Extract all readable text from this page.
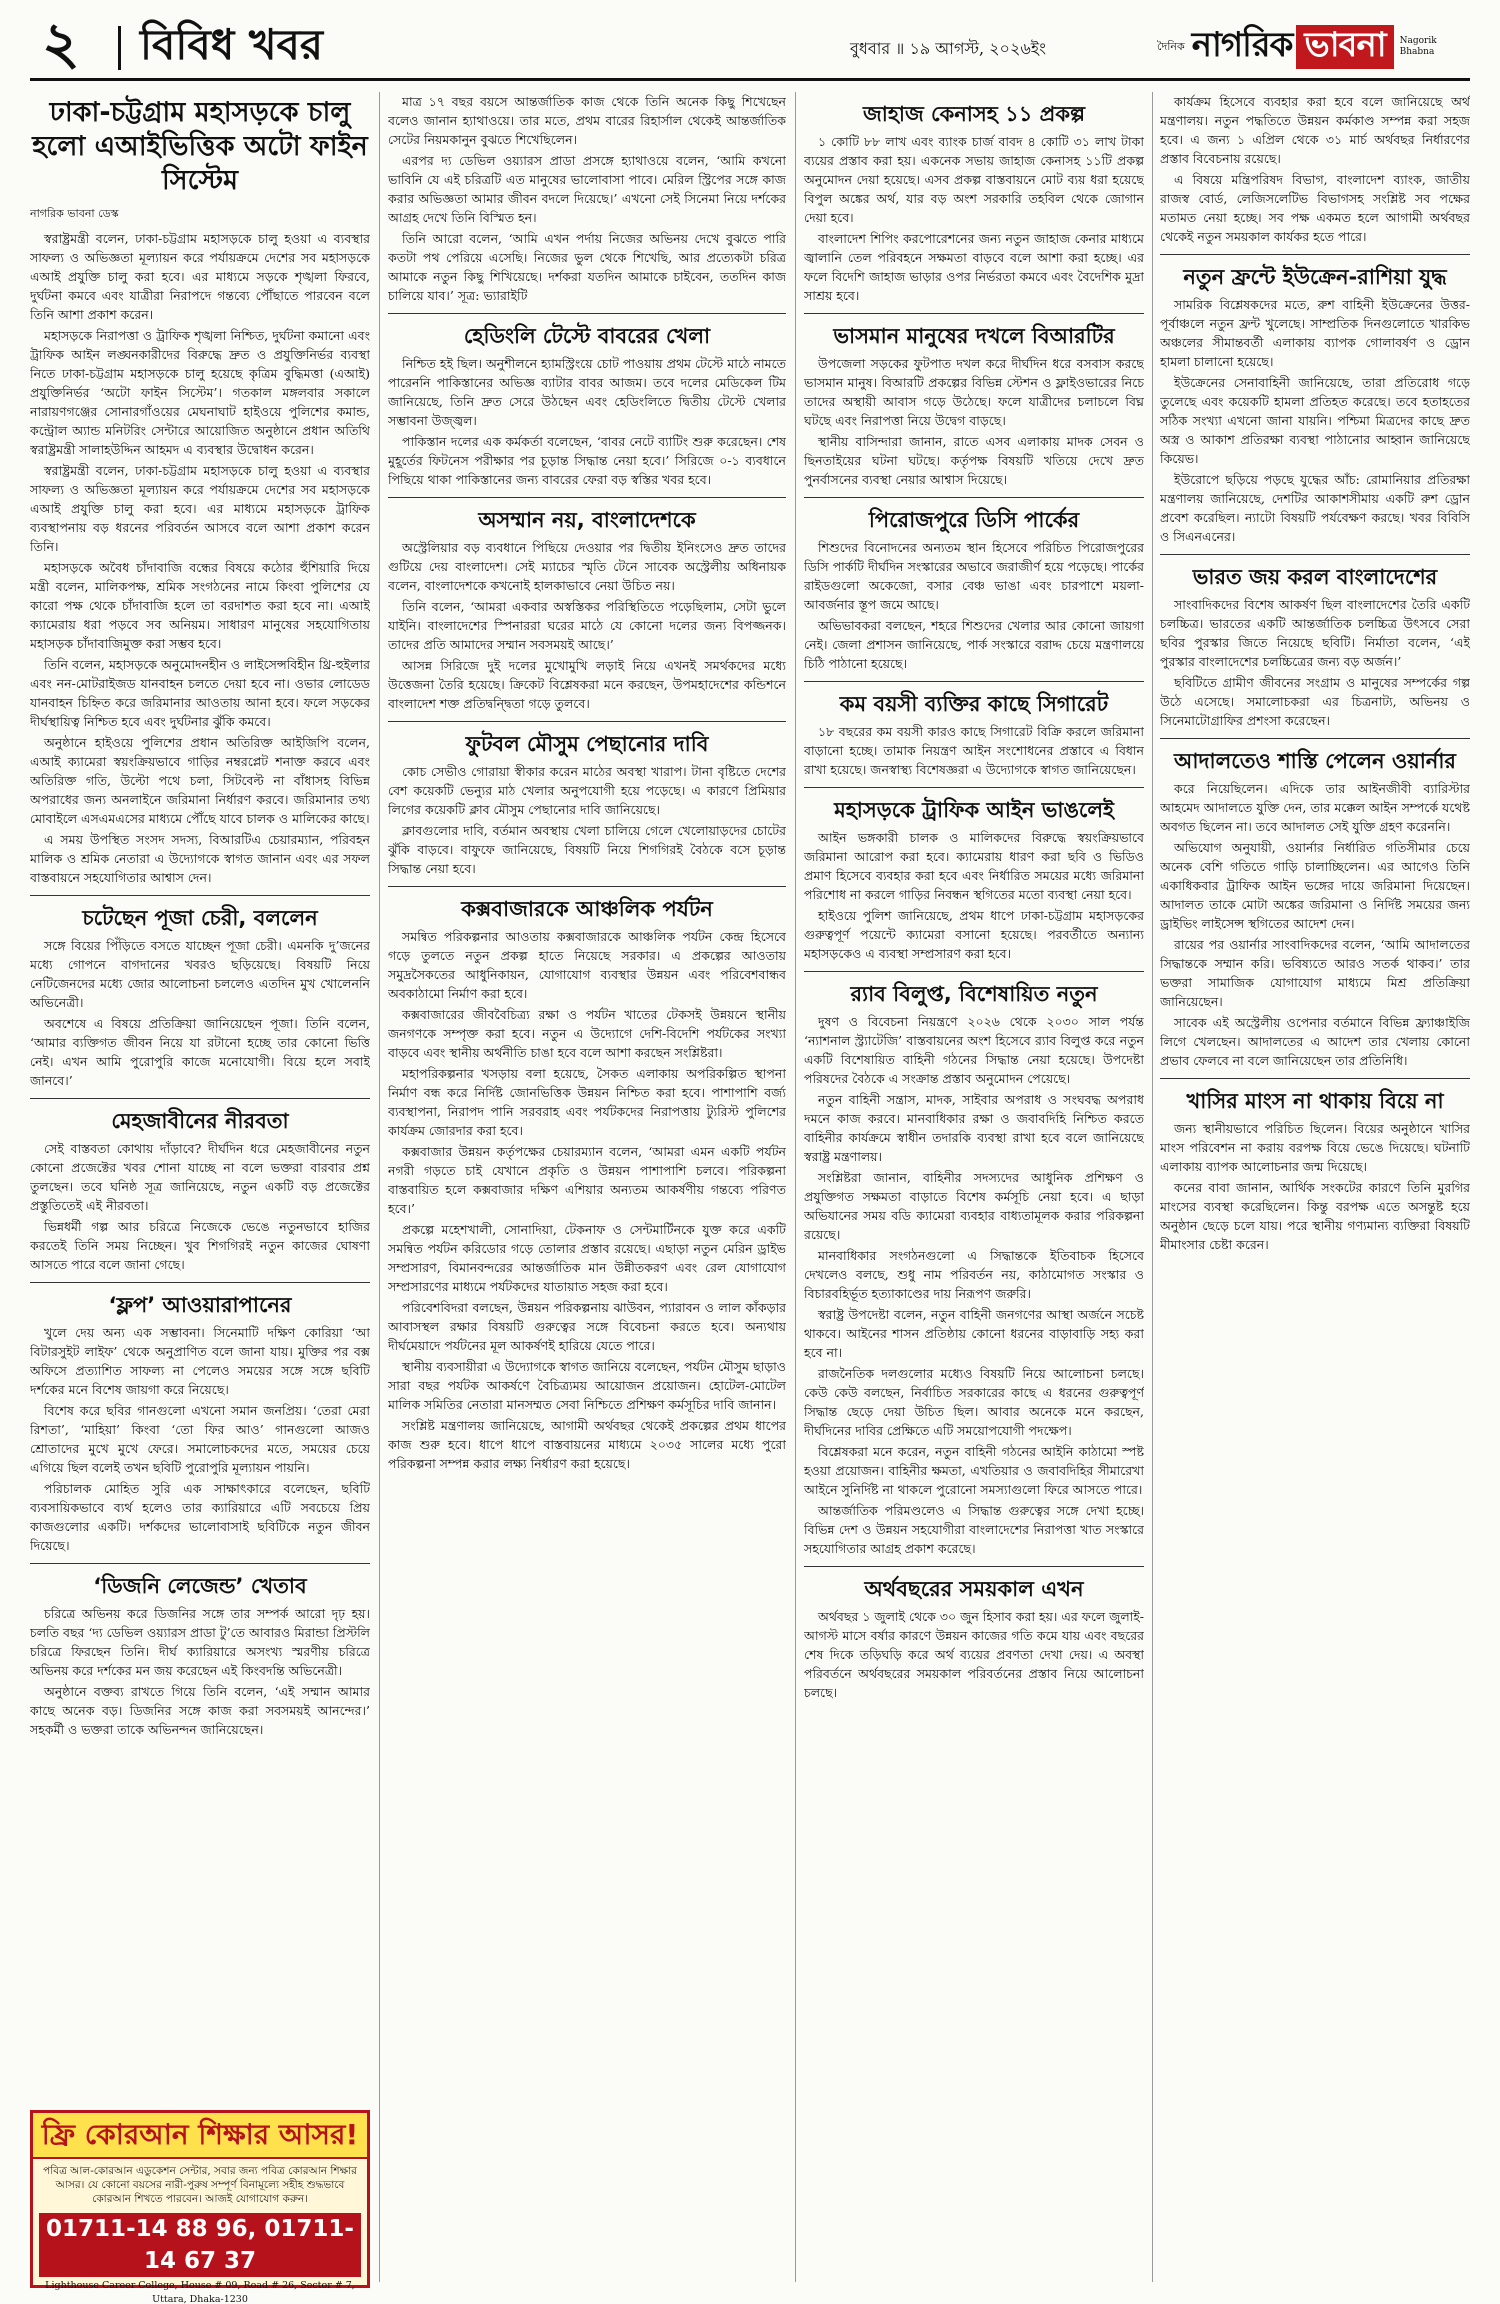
২ বিবিধ খবর	বুধবার ॥ ১৯ আগস্ট, ২০২৬ইং	দৈনিক নাগরিক ভাবনা	Nagorik Bhabna
ঢাকা-চট্টগ্রাম মহাসড়কে চালু হলো এআইভিত্তিক অটো ফাইন সিস্টেম
নাগরিক ভাবনা ডেস্ক

স্বরাষ্ট্রমন্ত্রী বলেন, ঢাকা-চট্টগ্রাম মহাসড়কে চালু হওয়া এ ব্যবস্থার সাফল্য ও অভিজ্ঞতা মূল্যায়ন করে পর্যায়ক্রমে দেশের সব মহাসড়কে এআই প্রযুক্তি চালু করা হবে। এর মাধ্যমে সড়কে শৃঙ্খলা ফিরবে, দুর্ঘটনা কমবে এবং যাত্রীরা নিরাপদে গন্তব্যে পৌঁছাতে পারবেন বলে তিনি আশা প্রকাশ করেন।

মহাসড়কে নিরাপত্তা ও ট্রাফিক শৃঙ্খলা নিশ্চিত, দুর্ঘটনা কমানো এবং ট্রাফিক আইন লঙ্ঘনকারীদের বিরুদ্ধে দ্রুত ও প্রযুক্তিনির্ভর ব্যবস্থা নিতে ঢাকা-চট্টগ্রাম মহাসড়কে চালু হয়েছে কৃত্রিম বুদ্ধিমত্তা (এআই) প্রযুক্তিনির্ভর ‘অটো ফাইন সিস্টেম’। গতকাল মঙ্গলবার সকালে নারায়ণগঞ্জের সোনারগাঁওয়ের মেঘনাঘাট হাইওয়ে পুলিশের কমান্ড, কন্ট্রোল অ্যান্ড মনিটরিং সেন্টারে আয়োজিত অনুষ্ঠানে প্রধান অতিথি স্বরাষ্ট্রমন্ত্রী সালাহউদ্দিন আহমদ এ ব্যবস্থার উদ্বোধন করেন।

স্বরাষ্ট্রমন্ত্রী বলেন, ঢাকা-চট্টগ্রাম মহাসড়কে চালু হওয়া এ ব্যবস্থার সাফল্য ও অভিজ্ঞতা মূল্যায়ন করে পর্যায়ক্রমে দেশের সব মহাসড়কে এআই প্রযুক্তি চালু করা হবে। এর মাধ্যমে মহাসড়কে ট্রাফিক ব্যবস্থাপনায় বড় ধরনের পরিবর্তন আসবে বলে আশা প্রকাশ করেন তিনি।

মহাসড়কে অবৈধ চাঁদাবাজি বন্ধের বিষয়ে কঠোর হুঁশিয়ারি দিয়ে মন্ত্রী বলেন, মালিকপক্ষ, শ্রমিক সংগঠনের নামে কিংবা পুলিশের যে কারো পক্ষ থেকে চাঁদাবাজি হলে তা বরদাশত করা হবে না। এআই ক্যামেরায় ধরা পড়বে সব অনিয়ম। সাধারণ মানুষের সহযোগিতায় মহাসড়ক চাঁদাবাজিমুক্ত করা সম্ভব হবে।

তিনি বলেন, মহাসড়কে অনুমোদনহীন ও লাইসেন্সবিহীন থ্রি-হুইলার এবং নন-মোটরাইজড যানবাহন চলতে দেয়া হবে না। ওভার লোডেড যানবাহন চিহ্নিত করে জরিমানার আওতায় আনা হবে। ফলে সড়কের দীর্ঘস্থায়িত্ব নিশ্চিত হবে এবং দুর্ঘটনার ঝুঁকি কমবে।

অনুষ্ঠানে হাইওয়ে পুলিশের প্রধান অতিরিক্ত আইজিপি বলেন, এআই ক্যামেরা স্বয়ংক্রিয়ভাবে গাড়ির নম্বরপ্লেট শনাক্ত করবে এবং অতিরিক্ত গতি, উল্টো পথে চলা, সিটবেল্ট না বাঁধাসহ বিভিন্ন অপরাধের জন্য অনলাইনে জরিমানা নির্ধারণ করবে। জরিমানার তথ্য মোবাইলে এসএমএসের মাধ্যমে পৌঁছে যাবে চালক ও মালিকের কাছে।

এ সময় উপস্থিত সংসদ সদস্য, বিআরটিএ চেয়ারম্যান, পরিবহন মালিক ও শ্রমিক নেতারা এ উদ্যোগকে স্বাগত জানান এবং এর সফল বাস্তবায়নে সহযোগিতার আশ্বাস দেন।

চটেছেন পূজা চেরী, বললেন

সঙ্গে বিয়ের পিঁড়িতে বসতে যাচ্ছেন পূজা চেরী। এমনকি দু’জনের মধ্যে গোপনে বাগদানের খবরও ছড়িয়েছে। বিষয়টি নিয়ে নেটিজেনদের মধ্যে জোর আলোচনা চললেও এতদিন মুখ খোলেননি অভিনেত্রী।

অবশেষে এ বিষয়ে প্রতিক্রিয়া জানিয়েছেন পূজা। তিনি বলেন, ‘আমার ব্যক্তিগত জীবন নিয়ে যা রটানো হচ্ছে তার কোনো ভিত্তি নেই। এখন আমি পুরোপুরি কাজে মনোযোগী। বিয়ে হলে সবাই জানবে।’

মেহজাবীনের নীরবতা

সেই বাস্তবতা কোথায় দাঁড়াবে? দীর্ঘদিন ধরে মেহজাবীনের নতুন কোনো প্রজেক্টের খবর শোনা যাচ্ছে না বলে ভক্তরা বারবার প্রশ্ন তুলছেন। তবে ঘনিষ্ঠ সূত্র জানিয়েছে, নতুন একটি বড় প্রজেক্টের প্রস্তুতিতেই এই নীরবতা।

ভিন্নধর্মী গল্প আর চরিত্রে নিজেকে ভেঙে নতুনভাবে হাজির করতেই তিনি সময় নিচ্ছেন। খুব শিগগিরই নতুন কাজের ঘোষণা আসতে পারে বলে জানা গেছে।

‘ফ্লপ’ আওয়ারাপানের

খুলে দেয় অন্য এক সম্ভাবনা। সিনেমাটি দক্ষিণ কোরিয়া ‘আ বিটারসুইট লাইফ’ থেকে অনুপ্রাণিত বলে জানা যায়। মুক্তির পর বক্স অফিসে প্রত্যাশিত সাফল্য না পেলেও সময়ের সঙ্গে সঙ্গে ছবিটি দর্শকের মনে বিশেষ জায়গা করে নিয়েছে।

বিশেষ করে ছবির গানগুলো এখনো সমান জনপ্রিয়। ‘তেরা মেরা রিশতা’, ‘মাহিয়া’ কিংবা ‘তো ফির আও’ গানগুলো আজও শ্রোতাদের মুখে মুখে ফেরে। সমালোচকদের মতে, সময়ের চেয়ে এগিয়ে ছিল বলেই তখন ছবিটি পুরোপুরি মূল্যায়ন পায়নি।

পরিচালক মোহিত সুরি এক সাক্ষাৎকারে বলেছেন, ছবিটি ব্যবসায়িকভাবে ব্যর্থ হলেও তার ক্যারিয়ারে এটি সবচেয়ে প্রিয় কাজগুলোর একটি। দর্শকদের ভালোবাসাই ছবিটিকে নতুন জীবন দিয়েছে।

‘ডিজনি লেজেন্ড’ খেতাব

চরিত্রে অভিনয় করে ডিজনির সঙ্গে তার সম্পর্ক আরো দৃঢ় হয়। চলতি বছর ‘দ্য ডেভিল ওয়্যারস প্রাডা টু’তে আবারও মিরান্ডা প্রিস্টলি চরিত্রে ফিরছেন তিনি। দীর্ঘ ক্যারিয়ারে অসংখ্য স্মরণীয় চরিত্রে অভিনয় করে দর্শকের মন জয় করেছেন এই কিংবদন্তি অভিনেত্রী।

অনুষ্ঠানে বক্তব্য রাখতে গিয়ে তিনি বলেন, ‘এই সম্মান আমার কাছে অনেক বড়। ডিজনির সঙ্গে কাজ করা সবসময়ই আনন্দের।’ সহকর্মী ও ভক্তরা তাকে অভিনন্দন জানিয়েছেন।

ফ্রি কোরআন শিক্ষার আসর!
পবিত্র আল-কোরআন এডুকেশন সেন্টার, সবার জন্য পবিত্র কোরআন শিক্ষার আসর। যে কোনো বয়সের নারী-পুরুষ সম্পূর্ণ বিনামূল্যে সহীহ শুদ্ধভাবে কোরআন শিখতে পারবেন। আজই যোগাযোগ করুন।
01711-14 88 96, 01711-14 67 37
Lighthouse Career College, House # 09, Road # 26, Sector # 7, Uttara, Dhaka-1230

মাত্র ১৭ বছর বয়সে আন্তর্জাতিক কাজ থেকে তিনি অনেক কিছু শিখেছেন বলেও জানান হ্যাথাওয়ে। তার মতে, প্রথম বারের রিহার্সাল থেকেই আন্তর্জাতিক সেটের নিয়মকানুন বুঝতে শিখেছিলেন।

এরপর দ্য ডেভিল ওয়্যারস প্রাডা প্রসঙ্গে হ্যাথাওয়ে বলেন, ‘আমি কখনো ভাবিনি যে এই চরিত্রটি এত মানুষের ভালোবাসা পাবে। মেরিল স্ট্রিপের সঙ্গে কাজ করার অভিজ্ঞতা আমার জীবন বদলে দিয়েছে।’ এখনো সেই সিনেমা নিয়ে দর্শকের আগ্রহ দেখে তিনি বিস্মিত হন।

তিনি আরো বলেন, ‘আমি এখন পর্দায় নিজের অভিনয় দেখে বুঝতে পারি কতটা পথ পেরিয়ে এসেছি। নিজের ভুল থেকে শিখেছি, আর প্রত্যেকটা চরিত্র আমাকে নতুন কিছু শিখিয়েছে। দর্শকরা যতদিন আমাকে চাইবেন, ততদিন কাজ চালিয়ে যাব।’ সূত্র: ভ্যারাইটি

হেডিংলি টেস্টে বাবরের খেলা

নিশ্চিত হই ছিল। অনুশীলনে হ্যামস্ট্রিংয়ে চোট পাওয়ায় প্রথম টেস্টে মাঠে নামতে পারেননি পাকিস্তানের অভিজ্ঞ ব্যাটার বাবর আজম। তবে দলের মেডিকেল টিম জানিয়েছে, তিনি দ্রুত সেরে উঠছেন এবং হেডিংলিতে দ্বিতীয় টেস্টে খেলার সম্ভাবনা উজ্জ্বল।

পাকিস্তান দলের এক কর্মকর্তা বলেছেন, ‘বাবর নেটে ব্যাটিং শুরু করেছেন। শেষ মুহূর্তের ফিটনেস পরীক্ষার পর চূড়ান্ত সিদ্ধান্ত নেয়া হবে।’ সিরিজে ০-১ ব্যবধানে পিছিয়ে থাকা পাকিস্তানের জন্য বাবরের ফেরা বড় স্বস্তির খবর হবে।

অসম্মান নয়, বাংলাদেশকে

অস্ট্রেলিয়ার বড় ব্যবধানে পিছিয়ে দেওয়ার পর দ্বিতীয় ইনিংসেও দ্রুত তাদের গুটিয়ে দেয় বাংলাদেশ। সেই ম্যাচের স্মৃতি টেনে সাবেক অস্ট্রেলীয় অধিনায়ক বলেন, বাংলাদেশকে কখনোই হালকাভাবে নেয়া উচিত নয়।

তিনি বলেন, ‘আমরা একবার অস্বস্তিকর পরিস্থিতিতে পড়েছিলাম, সেটা ভুলে যাইনি। বাংলাদেশের স্পিনাররা ঘরের মাঠে যে কোনো দলের জন্য বিপজ্জনক। তাদের প্রতি আমাদের সম্মান সবসময়ই আছে।’

আসন্ন সিরিজে দুই দলের মুখোমুখি লড়াই নিয়ে এখনই সমর্থকদের মধ্যে উত্তেজনা তৈরি হয়েছে। ক্রিকেট বিশ্লেষকরা মনে করছেন, উপমহাদেশের কন্ডিশনে বাংলাদেশ শক্ত প্রতিদ্বন্দ্বিতা গড়ে তুলবে।

ফুটবল মৌসুম পেছানোর দাবি

কোচ সেভীও গোরায়া স্বীকার করেন মাঠের অবস্থা খারাপ। টানা বৃষ্টিতে দেশের বেশ কয়েকটি ভেন্যুর মাঠ খেলার অনুপযোগী হয়ে পড়েছে। এ কারণে প্রিমিয়ার লিগের কয়েকটি ক্লাব মৌসুম পেছানোর দাবি জানিয়েছে।

ক্লাবগুলোর দাবি, বর্তমান অবস্থায় খেলা চালিয়ে গেলে খেলোয়াড়দের চোটের ঝুঁকি বাড়বে। বাফুফে জানিয়েছে, বিষয়টি নিয়ে শিগগিরই বৈঠকে বসে চূড়ান্ত সিদ্ধান্ত নেয়া হবে।

কক্সবাজারকে আঞ্চলিক পর্যটন

সমন্বিত পরিকল্পনার আওতায় কক্সবাজারকে আঞ্চলিক পর্যটন কেন্দ্র হিসেবে গড়ে তুলতে নতুন প্রকল্প হাতে নিয়েছে সরকার। এ প্রকল্পের আওতায় সমুদ্রসৈকতের আধুনিকায়ন, যোগাযোগ ব্যবস্থার উন্নয়ন এবং পরিবেশবান্ধব অবকাঠামো নির্মাণ করা হবে।

কক্সবাজারের জীববৈচিত্র্য রক্ষা ও পর্যটন খাতের টেকসই উন্নয়নে স্থানীয় জনগণকে সম্পৃক্ত করা হবে। নতুন এ উদ্যোগে দেশি-বিদেশি পর্যটকের সংখ্যা বাড়বে এবং স্থানীয় অর্থনীতি চাঙা হবে বলে আশা করছেন সংশ্লিষ্টরা।

মহাপরিকল্পনার খসড়ায় বলা হয়েছে, সৈকত এলাকায় অপরিকল্পিত স্থাপনা নির্মাণ বন্ধ করে নির্দিষ্ট জোনভিত্তিক উন্নয়ন নিশ্চিত করা হবে। পাশাপাশি বর্জ্য ব্যবস্থাপনা, নিরাপদ পানি সরবরাহ এবং পর্যটকদের নিরাপত্তায় ট্যুরিস্ট পুলিশের কার্যক্রম জোরদার করা হবে।

কক্সবাজার উন্নয়ন কর্তৃপক্ষের চেয়ারম্যান বলেন, ‘আমরা এমন একটি পর্যটন নগরী গড়তে চাই যেখানে প্রকৃতি ও উন্নয়ন পাশাপাশি চলবে। পরিকল্পনা বাস্তবায়িত হলে কক্সবাজার দক্ষিণ এশিয়ার অন্যতম আকর্ষণীয় গন্তব্যে পরিণত হবে।’

প্রকল্পে মহেশখালী, সোনাদিয়া, টেকনাফ ও সেন্টমার্টিনকে যুক্ত করে একটি সমন্বিত পর্যটন করিডোর গড়ে তোলার প্রস্তাব রয়েছে। এছাড়া নতুন মেরিন ড্রাইভ সম্প্রসারণ, বিমানবন্দরের আন্তর্জাতিক মান উন্নীতকরণ এবং রেল যোগাযোগ সম্প্রসারণের মাধ্যমে পর্যটকদের যাতায়াত সহজ করা হবে।

পরিবেশবিদরা বলছেন, উন্নয়ন পরিকল্পনায় ঝাউবন, প্যারাবন ও লাল কাঁকড়ার আবাসস্থল রক্ষার বিষয়টি গুরুত্বের সঙ্গে বিবেচনা করতে হবে। অন্যথায় দীর্ঘমেয়াদে পর্যটনের মূল আকর্ষণই হারিয়ে যেতে পারে।

স্থানীয় ব্যবসায়ীরা এ উদ্যোগকে স্বাগত জানিয়ে বলেছেন, পর্যটন মৌসুম ছাড়াও সারা বছর পর্যটক আকর্ষণে বৈচিত্র্যময় আয়োজন প্রয়োজন। হোটেল-মোটেল মালিক সমিতির নেতারা মানসম্মত সেবা নিশ্চিতে প্রশিক্ষণ কর্মসূচির দাবি জানান।

সংশ্লিষ্ট মন্ত্রণালয় জানিয়েছে, আগামী অর্থবছর থেকেই প্রকল্পের প্রথম ধাপের কাজ শুরু হবে। ধাপে ধাপে বাস্তবায়নের মাধ্যমে ২০৩৫ সালের মধ্যে পুরো পরিকল্পনা সম্পন্ন করার লক্ষ্য নির্ধারণ করা হয়েছে।

জাহাজ কেনাসহ ১১ প্রকল্প

১ কোটি ৮৮ লাখ এবং ব্যাংক চার্জ বাবদ ৪ কোটি ৩১ লাখ টাকা ব্যয়ের প্রস্তাব করা হয়। একনেক সভায় জাহাজ কেনাসহ ১১টি প্রকল্প অনুমোদন দেয়া হয়েছে। এসব প্রকল্প বাস্তবায়নে মোট ব্যয় ধরা হয়েছে বিপুল অঙ্কের অর্থ, যার বড় অংশ সরকারি তহবিল থেকে জোগান দেয়া হবে।

বাংলাদেশ শিপিং করপোরেশনের জন্য নতুন জাহাজ কেনার মাধ্যমে জ্বালানি তেল পরিবহনে সক্ষমতা বাড়বে বলে আশা করা হচ্ছে। এর ফলে বিদেশি জাহাজ ভাড়ার ওপর নির্ভরতা কমবে এবং বৈদেশিক মুদ্রা সাশ্রয় হবে।

ভাসমান মানুষের দখলে বিআরটির

উপজেলা সড়কের ফুটপাত দখল করে দীর্ঘদিন ধরে বসবাস করছে ভাসমান মানুষ। বিআরটি প্রকল্পের বিভিন্ন স্টেশন ও ফ্লাইওভারের নিচে তাদের অস্থায়ী আবাস গড়ে উঠেছে। ফলে যাত্রীদের চলাচলে বিঘ্ন ঘটছে এবং নিরাপত্তা নিয়ে উদ্বেগ বাড়ছে।

স্থানীয় বাসিন্দারা জানান, রাতে এসব এলাকায় মাদক সেবন ও ছিনতাইয়ের ঘটনা ঘটছে। কর্তৃপক্ষ বিষয়টি খতিয়ে দেখে দ্রুত পুনর্বাসনের ব্যবস্থা নেয়ার আশ্বাস দিয়েছে।

পিরোজপুরে ডিসি পার্কের

শিশুদের বিনোদনের অন্যতম স্থান হিসেবে পরিচিত পিরোজপুরের ডিসি পার্কটি দীর্ঘদিন সংস্কারের অভাবে জরাজীর্ণ হয়ে পড়েছে। পার্কের রাইডগুলো অকেজো, বসার বেঞ্চ ভাঙা এবং চারপাশে ময়লা-আবর্জনার স্তূপ জমে আছে।

অভিভাবকরা বলছেন, শহরে শিশুদের খেলার আর কোনো জায়গা নেই। জেলা প্রশাসন জানিয়েছে, পার্ক সংস্কারে বরাদ্দ চেয়ে মন্ত্রণালয়ে চিঠি পাঠানো হয়েছে।

কম বয়সী ব্যক্তির কাছে সিগারেট

১৮ বছরের কম বয়সী কারও কাছে সিগারেট বিক্রি করলে জরিমানা বাড়ানো হচ্ছে। তামাক নিয়ন্ত্রণ আইন সংশোধনের প্রস্তাবে এ বিধান রাখা হয়েছে। জনস্বাস্থ্য বিশেষজ্ঞরা এ উদ্যোগকে স্বাগত জানিয়েছেন।

মহাসড়কে ট্রাফিক আইন ভাঙলেই

আইন ভঙ্গকারী চালক ও মালিকদের বিরুদ্ধে স্বয়ংক্রিয়ভাবে জরিমানা আরোপ করা হবে। ক্যামেরায় ধারণ করা ছবি ও ভিডিও প্রমাণ হিসেবে ব্যবহার করা হবে এবং নির্ধারিত সময়ের মধ্যে জরিমানা পরিশোধ না করলে গাড়ির নিবন্ধন স্থগিতের মতো ব্যবস্থা নেয়া হবে।

হাইওয়ে পুলিশ জানিয়েছে, প্রথম ধাপে ঢাকা-চট্টগ্রাম মহাসড়কের গুরুত্বপূর্ণ পয়েন্টে ক্যামেরা বসানো হয়েছে। পরবর্তীতে অন্যান্য মহাসড়কেও এ ব্যবস্থা সম্প্রসারণ করা হবে।

র‍্যাব বিলুপ্ত, বিশেষায়িত নতুন

দুষণ ও বিবেচনা নিয়ন্ত্রণে ২০২৬ থেকে ২০৩০ সাল পর্যন্ত ‘ন্যাশনাল স্ট্র্যাটেজি’ বাস্তবায়নের অংশ হিসেবে র‍্যাব বিলুপ্ত করে নতুন একটি বিশেষায়িত বাহিনী গঠনের সিদ্ধান্ত নেয়া হয়েছে। উপদেষ্টা পরিষদের বৈঠকে এ সংক্রান্ত প্রস্তাব অনুমোদন পেয়েছে।

নতুন বাহিনী সন্ত্রাস, মাদক, সাইবার অপরাধ ও সংঘবদ্ধ অপরাধ দমনে কাজ করবে। মানবাধিকার রক্ষা ও জবাবদিহি নিশ্চিত করতে বাহিনীর কার্যক্রমে স্বাধীন তদারকি ব্যবস্থা রাখা হবে বলে জানিয়েছে স্বরাষ্ট্র মন্ত্রণালয়।

সংশ্লিষ্টরা জানান, বাহিনীর সদস্যদের আধুনিক প্রশিক্ষণ ও প্রযুক্তিগত সক্ষমতা বাড়াতে বিশেষ কর্মসূচি নেয়া হবে। এ ছাড়া অভিযানের সময় বডি ক্যামেরা ব্যবহার বাধ্যতামূলক করার পরিকল্পনা রয়েছে।

মানবাধিকার সংগঠনগুলো এ সিদ্ধান্তকে ইতিবাচক হিসেবে দেখলেও বলছে, শুধু নাম পরিবর্তন নয়, কাঠামোগত সংস্কার ও বিচারবহির্ভূত হত্যাকাণ্ডের দায় নিরূপণ জরুরি।

স্বরাষ্ট্র উপদেষ্টা বলেন, নতুন বাহিনী জনগণের আস্থা অর্জনে সচেষ্ট থাকবে। আইনের শাসন প্রতিষ্ঠায় কোনো ধরনের বাড়াবাড়ি সহ্য করা হবে না।

রাজনৈতিক দলগুলোর মধ্যেও বিষয়টি নিয়ে আলোচনা চলছে। কেউ কেউ বলছেন, নির্বাচিত সরকারের কাছে এ ধরনের গুরুত্বপূর্ণ সিদ্ধান্ত ছেড়ে দেয়া উচিত ছিল। আবার অনেকে মনে করছেন, দীর্ঘদিনের দাবির প্রেক্ষিতে এটি সময়োপযোগী পদক্ষেপ।

বিশ্লেষকরা মনে করেন, নতুন বাহিনী গঠনের আইনি কাঠামো স্পষ্ট হওয়া প্রয়োজন। বাহিনীর ক্ষমতা, এখতিয়ার ও জবাবদিহির সীমারেখা আইনে সুনির্দিষ্ট না থাকলে পুরোনো সমস্যাগুলো ফিরে আসতে পারে।

আন্তর্জাতিক পরিমণ্ডলেও এ সিদ্ধান্ত গুরুত্বের সঙ্গে দেখা হচ্ছে। বিভিন্ন দেশ ও উন্নয়ন সহযোগীরা বাংলাদেশের নিরাপত্তা খাত সংস্কারে সহযোগিতার আগ্রহ প্রকাশ করেছে।

অর্থবছরের সময়কাল এখন

অর্থবছর ১ জুলাই থেকে ৩০ জুন হিসাব করা হয়। এর ফলে জুলাই-আগস্ট মাসে বর্ষার কারণে উন্নয়ন কাজের গতি কমে যায় এবং বছরের শেষ দিকে তড়িঘড়ি করে অর্থ ব্যয়ের প্রবণতা দেখা দেয়। এ অবস্থা পরিবর্তনে অর্থবছরের সময়কাল পরিবর্তনের প্রস্তাব নিয়ে আলোচনা চলছে।

কার্যক্রম হিসেবে ব্যবহার করা হবে বলে জানিয়েছে অর্থ মন্ত্রণালয়। নতুন পদ্ধতিতে উন্নয়ন কর্মকাণ্ড সম্পন্ন করা সহজ হবে। এ জন্য ১ এপ্রিল থেকে ৩১ মার্চ অর্থবছর নির্ধারণের প্রস্তাব বিবেচনায় রয়েছে।

এ বিষয়ে মন্ত্রিপরিষদ বিভাগ, বাংলাদেশ ব্যাংক, জাতীয় রাজস্ব বোর্ড, লেজিসলেটিভ বিভাগসহ সংশ্লিষ্ট সব পক্ষের মতামত নেয়া হচ্ছে। সব পক্ষ একমত হলে আগামী অর্থবছর থেকেই নতুন সময়কাল কার্যকর হতে পারে।

নতুন ফ্রন্টে ইউক্রেন-রাশিয়া যুদ্ধ

সামরিক বিশ্লেষকদের মতে, রুশ বাহিনী ইউক্রেনের উত্তর-পূর্বাঞ্চলে নতুন ফ্রন্ট খুলেছে। সাম্প্রতিক দিনগুলোতে খারকিভ অঞ্চলের সীমান্তবর্তী এলাকায় ব্যাপক গোলাবর্ষণ ও ড্রোন হামলা চালানো হয়েছে।

ইউক্রেনের সেনাবাহিনী জানিয়েছে, তারা প্রতিরোধ গড়ে তুলেছে এবং কয়েকটি হামলা প্রতিহত করেছে। তবে হতাহতের সঠিক সংখ্যা এখনো জানা যায়নি। পশ্চিমা মিত্রদের কাছে দ্রুত অস্ত্র ও আকাশ প্রতিরক্ষা ব্যবস্থা পাঠানোর আহ্বান জানিয়েছে কিয়েভ।

ইউরোপে ছড়িয়ে পড়ছে যুদ্ধের আঁচ: রোমানিয়ার প্রতিরক্ষা মন্ত্রণালয় জানিয়েছে, দেশটির আকাশসীমায় একটি রুশ ড্রোন প্রবেশ করেছিল। ন্যাটো বিষয়টি পর্যবেক্ষণ করছে। খবর বিবিসি ও সিএনএনের।

ভারত জয় করল বাংলাদেশের

সাংবাদিকদের বিশেষ আকর্ষণ ছিল বাংলাদেশের তৈরি একটি চলচ্চিত্র। ভারতের একটি আন্তর্জাতিক চলচ্চিত্র উৎসবে সেরা ছবির পুরস্কার জিতে নিয়েছে ছবিটি। নির্মাতা বলেন, ‘এই পুরস্কার বাংলাদেশের চলচ্চিত্রের জন্য বড় অর্জন।’

ছবিটিতে গ্রামীণ জীবনের সংগ্রাম ও মানুষের সম্পর্কের গল্প উঠে এসেছে। সমালোচকরা এর চিত্রনাট্য, অভিনয় ও সিনেমাটোগ্রাফির প্রশংসা করেছেন।

আদালতেও শাস্তি পেলেন ওয়ার্নার

করে নিয়েছিলেন। এদিকে তার আইনজীবী ব্যারিস্টার আহমেদ আদালতে যুক্তি দেন, তার মক্কেল আইন সম্পর্কে যথেষ্ট অবগত ছিলেন না। তবে আদালত সেই যুক্তি গ্রহণ করেননি।

অভিযোগ অনুযায়ী, ওয়ার্নার নির্ধারিত গতিসীমার চেয়ে অনেক বেশি গতিতে গাড়ি চালাচ্ছিলেন। এর আগেও তিনি একাধিকবার ট্রাফিক আইন ভঙ্গের দায়ে জরিমানা দিয়েছেন। আদালত তাকে মোটা অঙ্কের জরিমানা ও নির্দিষ্ট সময়ের জন্য ড্রাইভিং লাইসেন্স স্থগিতের আদেশ দেন।

রায়ের পর ওয়ার্নার সাংবাদিকদের বলেন, ‘আমি আদালতের সিদ্ধান্তকে সম্মান করি। ভবিষ্যতে আরও সতর্ক থাকব।’ তার ভক্তরা সামাজিক যোগাযোগ মাধ্যমে মিশ্র প্রতিক্রিয়া জানিয়েছেন।

সাবেক এই অস্ট্রেলীয় ওপেনার বর্তমানে বিভিন্ন ফ্র্যাঞ্চাইজি লিগে খেলছেন। আদালতের এ আদেশ তার খেলায় কোনো প্রভাব ফেলবে না বলে জানিয়েছেন তার প্রতিনিধি।

খাসির মাংস না থাকায় বিয়ে না

জন্য স্থানীয়ভাবে পরিচিত ছিলেন। বিয়ের অনুষ্ঠানে খাসির মাংস পরিবেশন না করায় বরপক্ষ বিয়ে ভেঙে দিয়েছে। ঘটনাটি এলাকায় ব্যাপক আলোচনার জন্ম দিয়েছে।

কনের বাবা জানান, আর্থিক সংকটের কারণে তিনি মুরগির মাংসের ব্যবস্থা করেছিলেন। কিন্তু বরপক্ষ এতে অসন্তুষ্ট হয়ে অনুষ্ঠান ছেড়ে চলে যায়। পরে স্থানীয় গণ্যমান্য ব্যক্তিরা বিষয়টি মীমাংসার চেষ্টা করেন।
